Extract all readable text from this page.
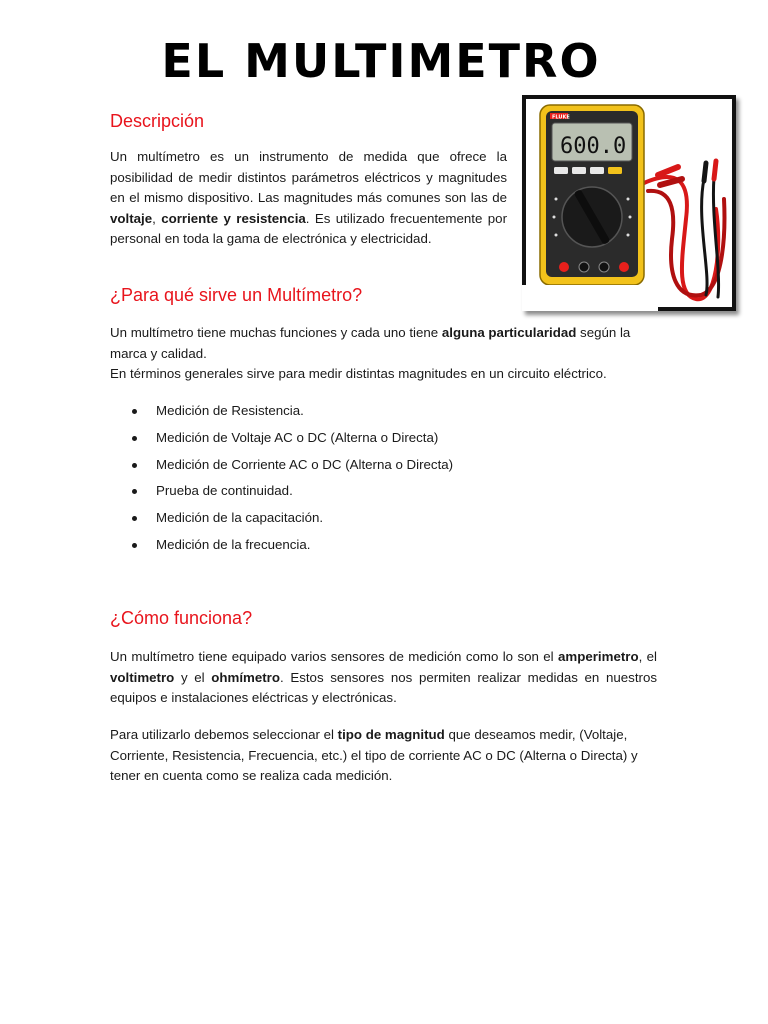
EL MULTIMETRO
Descripción

Un multímetro es un instrumento de medida que ofrece la posibilidad de medir distintos parámetros eléctricos y magnitudes en el mismo dispositivo. Las magnitudes más comunes son las de voltaje, corriente y resistencia. Es utilizado frecuentemente por personal en toda la gama de electrónica y electricidad.

FLUKE
600.0
¿Para qué sirve un Multímetro?

Un multímetro tiene muchas funciones y cada uno tiene alguna particularidad según la marca y calidad.
En términos generales sirve para medir distintas magnitudes en un circuito eléctrico.

Medición de Resistencia.
Medición de Voltaje AC o DC (Alterna o Directa)
Medición de Corriente AC o DC (Alterna o Directa)
Prueba de continuidad.
Medición de la capacitación.
Medición de la frecuencia.
¿Cómo funciona?

Un multímetro tiene equipado varios sensores de medición como lo son el amperimetro, el voltimetro y el ohmímetro. Estos sensores nos permiten realizar medidas en nuestros equipos e instalaciones eléctricas y electrónicas.

Para utilizarlo debemos seleccionar el tipo de magnitud que deseamos medir, (Voltaje, Corriente, Resistencia, Frecuencia, etc.) el tipo de corriente AC o DC (Alterna o Directa) y tener en cuenta como se realiza cada medición.
